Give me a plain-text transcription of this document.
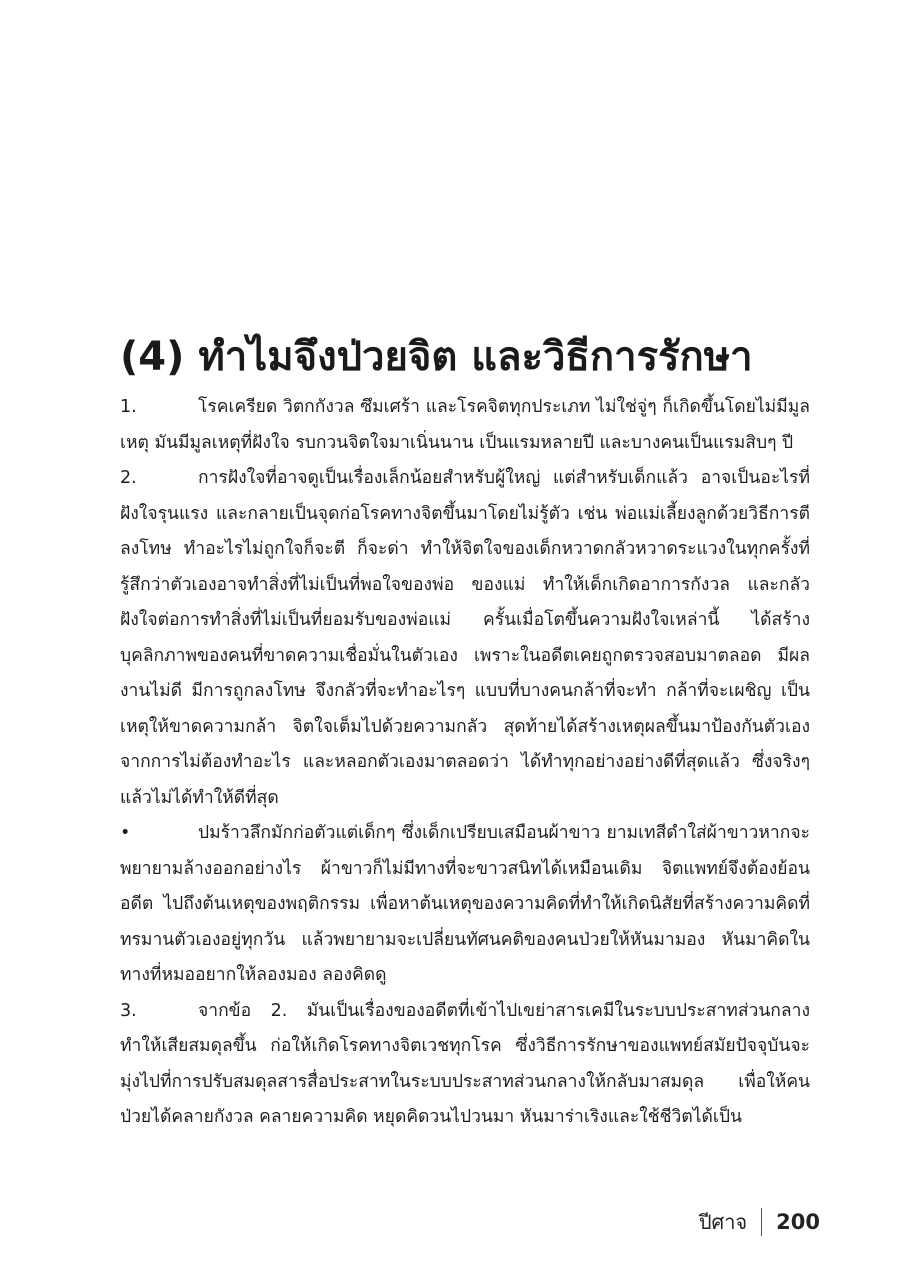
(4) ทำไมจึงป่วยจิต และวิธีการรักษา

1.	โรคเครียด วิตกกังวล ซึมเศร้า และโรคจิตทุกประเภท ไม่ใช่จู่ๆ ก็เกิดขึ้นโดยไม่มีมูลเหตุ มันมีมูลเหตุที่ฝังใจ รบกวนจิตใจมาเนิ่นนาน เป็นแรมหลายปี และบางคนเป็นแรมสิบๆ ปี

2.	การฝังใจที่อาจดูเป็นเรื่องเล็กน้อยสำหรับผู้ใหญ่ แต่สำหรับเด็กแล้ว อาจเป็นอะไรที่ฝังใจรุนแรง และกลายเป็นจุดก่อโรคทางจิตขึ้นมาโดยไม่รู้ตัว เช่น พ่อแม่เลี้ยงลูกด้วยวิธีการตีลงโทษ ทำอะไรไม่ถูกใจก็จะตี ก็จะด่า ทำให้จิตใจของเด็กหวาดกลัวหวาดระแวงในทุกครั้งที่รู้สึกว่าตัวเองอาจทำสิ่งที่ไม่เป็นที่พอใจของพ่อ ของแม่ ทำให้เด็กเกิดอาการกังวล และกลัวฝังใจต่อการทำสิ่งที่ไม่เป็นที่ยอมรับของพ่อแม่ ครั้นเมื่อโตขึ้นความฝังใจเหล่านี้ ได้สร้างบุคลิกภาพของคนที่ขาดความเชื่อมั่นในตัวเอง เพราะในอดีตเคยถูกตรวจสอบมาตลอด มีผลงานไม่ดี มีการถูกลงโทษ จึงกลัวที่จะทำอะไรๆ แบบที่บางคนกล้าที่จะทำ กล้าที่จะเผชิญ เป็นเหตุให้ขาดความกล้า จิตใจเต็มไปด้วยความกลัว สุดท้ายได้สร้างเหตุผลขึ้นมาป้องกันตัวเองจากการไม่ต้องทำอะไร และหลอกตัวเองมาตลอดว่า ได้ทำทุกอย่างอย่างดีที่สุดแล้ว ซึ่งจริงๆ แล้วไม่ได้ทำให้ดีที่สุด

•	ปมร้าวลึกมักก่อตัวแต่เด็กๆ ซึ่งเด็กเปรียบเสมือนผ้าขาว ยามเทสีดำใส่ผ้าขาวหากจะพยายามล้างออกอย่างไร ผ้าขาวก็ไม่มีทางที่จะขาวสนิทได้เหมือนเดิม จิตแพทย์จึงต้องย้อนอดีต ไปถึงต้นเหตุของพฤติกรรม เพื่อหาต้นเหตุของความคิดที่ทำให้เกิดนิสัยที่สร้างความคิดที่ทรมานตัวเองอยู่ทุกวัน แล้วพยายามจะเปลี่ยนทัศนคติของคนป่วยให้หันมามอง หันมาคิดในทางที่หมออยากให้ลองมอง ลองคิดดู

3.	จากข้อ 2. มันเป็นเรื่องของอดีตที่เข้าไปเขย่าสารเคมีในระบบประสาทส่วนกลางทำให้เสียสมดุลขึ้น ก่อให้เกิดโรคทางจิตเวชทุกโรค ซึ่งวิธีการรักษาของแพทย์สมัยปัจจุบันจะมุ่งไปที่การปรับสมดุลสารสื่อประสาทในระบบประสาทส่วนกลางให้กลับมาสมดุล เพื่อให้คนป่วยได้คลายกังวล คลายความคิด หยุดคิดวนไปวนมา หันมาร่าเริงและใช้ชีวิตได้เป็น

ปีศาจ 200
